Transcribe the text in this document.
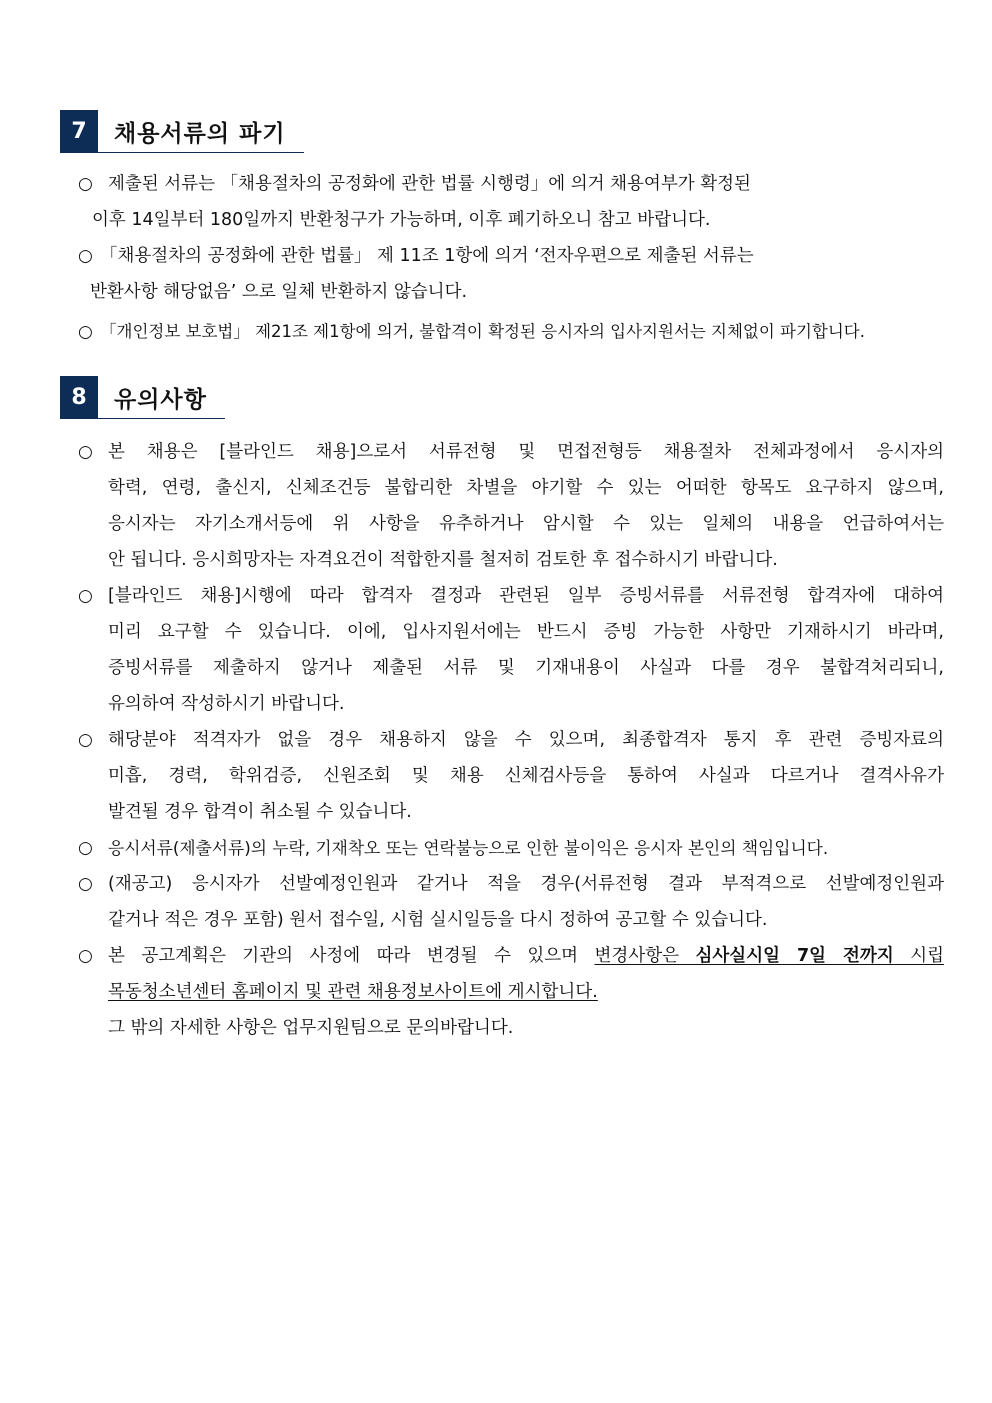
7	채용서류의 파기
○ 제출된 서류는 「채용절차의 공정화에 관한 법률 시행령」에 의거 채용여부가 확정된
이후 14일부터 180일까지 반환청구가 가능하며, 이후 폐기하오니 참고 바랍니다.
○ 「채용절차의 공정화에 관한 법률」 제 11조 1항에 의거 ‘전자우편으로 제출된 서류는
반환사항 해당없음’ 으로 일체 반환하지 않습니다.
○ 「개인정보 보호법」 제21조 제1항에 의거, 불합격이 확정된 응시자의 입사지원서는 지체없이 파기합니다.
8	유의사항
○ 본 채용은 [블라인드 채용]으로서 서류전형 및 면접전형등 채용절차 전체과정에서 응시자의
학력, 연령, 출신지, 신체조건등 불합리한 차별을 야기할 수 있는 어떠한 항목도 요구하지 않으며,
응시자는 자기소개서등에 위 사항을 유추하거나 암시할 수 있는 일체의 내용을 언급하여서는
안 됩니다. 응시희망자는 자격요건이 적합한지를 철저히 검토한 후 접수하시기 바랍니다.
○ [블라인드 채용]시행에 따라 합격자 결정과 관련된 일부 증빙서류를 서류전형 합격자에 대하여
미리 요구할 수 있습니다. 이에, 입사지원서에는 반드시 증빙 가능한 사항만 기재하시기 바라며,
증빙서류를 제출하지 않거나 제출된 서류 및 기재내용이 사실과 다를 경우 불합격처리되니,
유의하여 작성하시기 바랍니다.
○ 해당분야 적격자가 없을 경우 채용하지 않을 수 있으며, 최종합격자 통지 후 관련 증빙자료의
미흡, 경력, 학위검증, 신원조회 및 채용 신체검사등을 통하여 사실과 다르거나 결격사유가
발견될 경우 합격이 취소될 수 있습니다.
○ 응시서류(제출서류)의 누락, 기재착오 또는 연락불능으로 인한 불이익은 응시자 본인의 책임입니다.
○ (재공고) 응시자가 선발예정인원과 같거나 적을 경우(서류전형 결과 부적격으로 선발예정인원과
같거나 적은 경우 포함) 원서 접수일, 시험 실시일등을 다시 정하여 공고할 수 있습니다.
○ 본 공고계획은 기관의 사정에 따라 변경될 수 있으며 변경사항은 심사실시일 7일 전까지 시립
목동청소년센터 홈페이지 및 관련 채용정보사이트에 게시합니다.
그 밖의 자세한 사항은 업무지원팀으로 문의바랍니다.
